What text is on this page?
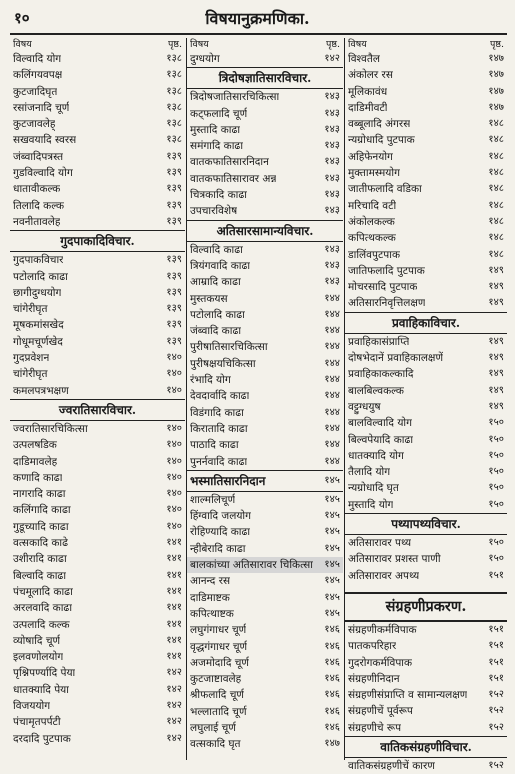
१०	विषयानुक्रमणिका.
विषय	पृष्ठ.
विल्वादि योग	१३८
कलिंगयवपक्ष	१३८
कुटजादिघृत	१३८
रसांजनादि चूर्ण	१३८
कुटजावलेह्	१३८
सखवयादि स्वरस	१३८
जंब्वादिपत्रस्त	१३९
गुडविल्वादि योग	१३९
धातावीकल्क	१३९
तिलादि कल्क	१३९
नवनीतावलेह	१३९
गुदपाकादिविचार.
गुदपाकविचार	१३९
पटोलादि काढा	१३९
छागीदुग्धयोग	१३९
चांगेरीघृत	१३९
मूषकमांसखेद	१३९
गोधूमचूर्णखेद	१३९
गुदप्रवेशन	१४०
चांगेरीघृत	१४०
कमलपत्रभक्षण	१४०
ज्वरातिसारविचार.
ज्वरातिसारचिकित्सा	१४०
उत्पलषडिक	१४०
दाडिमावलेह	१४०
कणादि काढा	१४०
नागरादि काढा	१४०
कलिंगादि काढा	१४०
गुडूच्यादि काढा	१४०
वत्सकादि काढे	१४१
उशीरादि काढा	१४१
बिल्वादि काढा	१४१
पंचमूलादि काढा	१४१
अरलवादि काढा	१४१
उत्पलादि कल्क	१४१
व्योषादि चूर्ण	१४१
इलवणोलयोग	१४१
पृश्निपर्ण्यादि पेया	१४२
धातक्यादि पेया	१४२
विजययोग	१४२
पंचामृतपर्पटी	१४२
दरदादि पुटपाक	१४२
विषय	पृष्ठ.
दुग्धयोग	१४२
त्रिदोषज्ञातिसारविचार.
त्रिदोषजातिसारचिकित्सा	१४३
कट्फलादि चूर्ण	१४३
मुस्तादि काढा	१४३
समंगादि काढा	१४३
वातकफातिसारनिदान	१४३
वातकफातिसारावर अन्न	१४३
चित्रकादि काढा	१४३
उपचारविशेष	१४३
अतिसारसामान्यविचार.
विल्वादि काढा	१४३
त्रियंगवादि काढा	१४३
आम्रादि काढा	१४३
मुस्तकयस	१४४
पटोलादि काढा	१४४
जंब्वादि काढा	१४४
पुरीषातिसारचिकित्सा	१४४
पुरीषक्षयचिकित्सा	१४४
रंभादि योग	१४४
देवदार्वादि काढा	१४४
विडंगादि काढा	१४४
किरातादि काढा	१४४
पाठादि काढा	१४४
पुनर्नवादि काढा	१४४
भस्मातिसारनिदान	१४५
शाल्मलिचूर्ण	१४५
हिंग्वादि जलयोग	१४५
रोहिण्यादि काढा	१४५
न्हीबेरादि काढा	१४५
बालकांच्या अतिसारावर चिकित्सा १४५
आनन्द रस	१४५
दाडिमाष्टक	१४५
कपित्थाष्टक	१४५
लघुगंगाधर चूर्ण	१४६
वृद्धगंगाधर चूर्ण	१४६
अजमोदादि चूर्ण	१४६
कुटजाष्टावलेह	१४६
श्रीफलादि चूर्ण	१४६
भल्लातादि चूर्ण	१४६
लघुलाई चूर्ण	१४६
वत्सकादि घृत	१४७
विषय	पृष्ठ.
विश्वतैल	१४७
अंकोलर रस	१४७
मूलिकावंध	१४७
दाडिमीवटी	१४७
वब्बूलादि अंगरस	१४८
न्यग्रोधादि पुटपाक	१४८
अहिफेनयोग	१४८
मुक्तामस्मयोग	१४८
जातीफलादि वडिका	१४८
मरिचादि वटी	१४८
अंकोलकल्क	१४८
कपित्थकल्क	१४८
डालिंवपुटपाक	१४८
जातिफलादि पुटपाक	१४९
मोचरसादि पुटपाक	१४९
अतिसारनिवृत्तिलक्षण	१४९
प्रवाहिकाविचार.
प्रवाहिकासंप्राप्ति	१४९
दोषभेदानें प्रवाहिकालक्षणें	१४९
प्रवाहिकाकल्कादि	१४९
बालबिल्वकल्क	१४९
वट्टुग्धयुष	१४९
बालविल्वादि योग	१५०
बिल्वपेयादि काढा	१५०
धातक्यादि योग	१५०
तैलादि योग	१५०
न्यग्रोधादि घृत	१५०
मुस्तादि योग	१५०
पथ्यापथ्यविचार.
अतिसारावर पथ्य	१५०
अतिसारावर प्रशस्त पाणी	१५०
अतिसारावर अपथ्य	१५१
संग्रहणीप्रकरण.
संग्रहणीकर्मविपाक	१५१
पातकपरिहार	१५१
गुदरोगकर्मविपाक	१५१
संग्रहणीनिदान	१५१
संग्रहणीसंप्राप्ति व सामान्यलक्षण १५२
संग्रहणीचें पूर्वरूप	१५२
संग्रहणीचे रूप	१५२
वातिकसंग्रहणीविचार.
वातिकसंग्रहणीचें कारण	१५२
